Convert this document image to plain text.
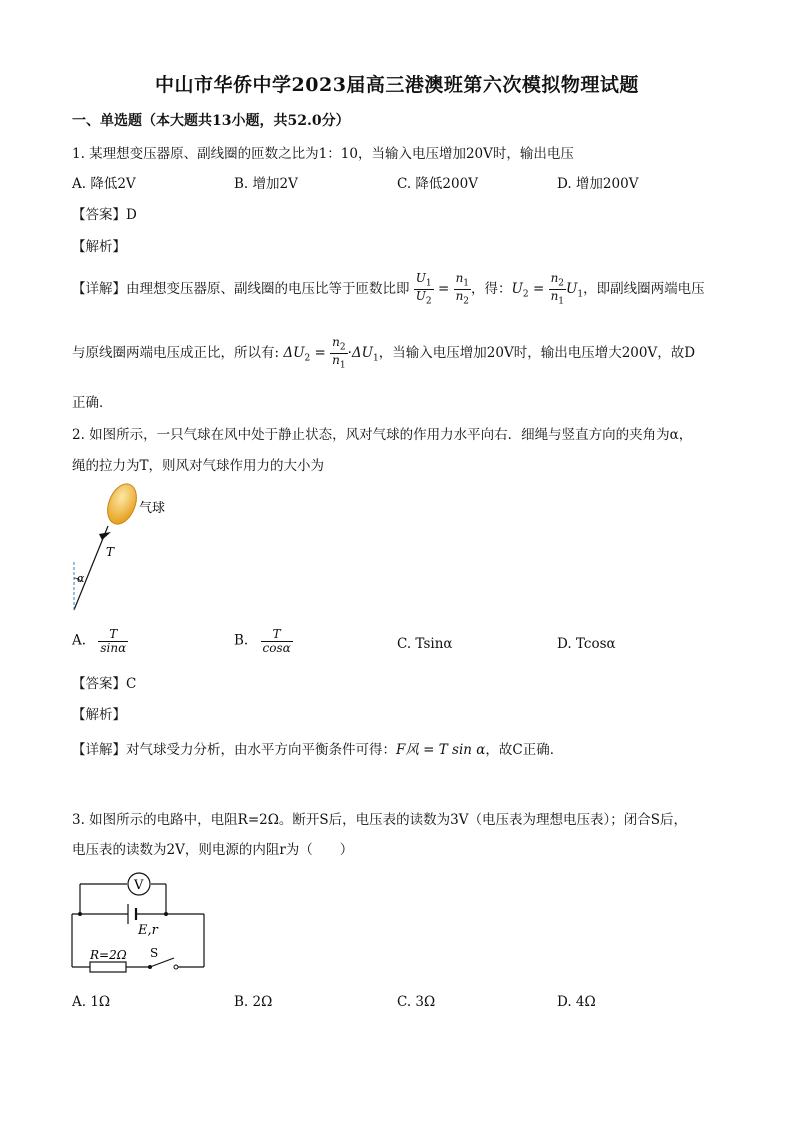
中山市华侨中学2023届高三港澳班第六次模拟物理试题
一、单选题（本大题共13小题，共52.0分）
1. 某理想变压器原、副线圈的匝数之比为1：10，当输入电压增加20V时，输出电压
A. 降低2V	B. 增加2V	C. 降低200V	D. 增加200V
【答案】D
【解析】
【详解】由理想变压器原、副线圈的电压比等于匝数比即 $\frac{U_1}{U_2} = \frac{n_1}{n_2}$ ，得：$U_2 = \frac{n_2}{n_1} U_1$，即副线圈两端电压
与原线圈两端电压成正比，所以有: $\Delta U_2 = \frac{n_2}{n_1} \cdot\Delta U_1$，当输入电压增加20V时，输出电压增大200V，故D
正确．
2. 如图所示，一只气球在风中处于静止状态，风对气球的作用力水平向右．细绳与竖直方向的夹角为α，
绳的拉力为T，则风对气球作用力的大小为
气球
T
α
A. $\frac{T}{\sin\alpha}$	B. $\frac{T}{\cos\alpha}$	C. Tsinα	D. Tcosα
【答案】C
【解析】
【详解】对气球受力分析，由水平方向平衡条件可得：F风 = T sin α，故C正确．
3. 如图所示的电路中，电阻R=2Ω。断开S后，电压表的读数为3V（电压表为理想电压表）；闭合S后，
电压表的读数为2V，则电源的内阻r为（　　）
V
E,r
R=2Ω S
A. 1Ω	B. 2Ω	C. 3Ω	D. 4Ω
